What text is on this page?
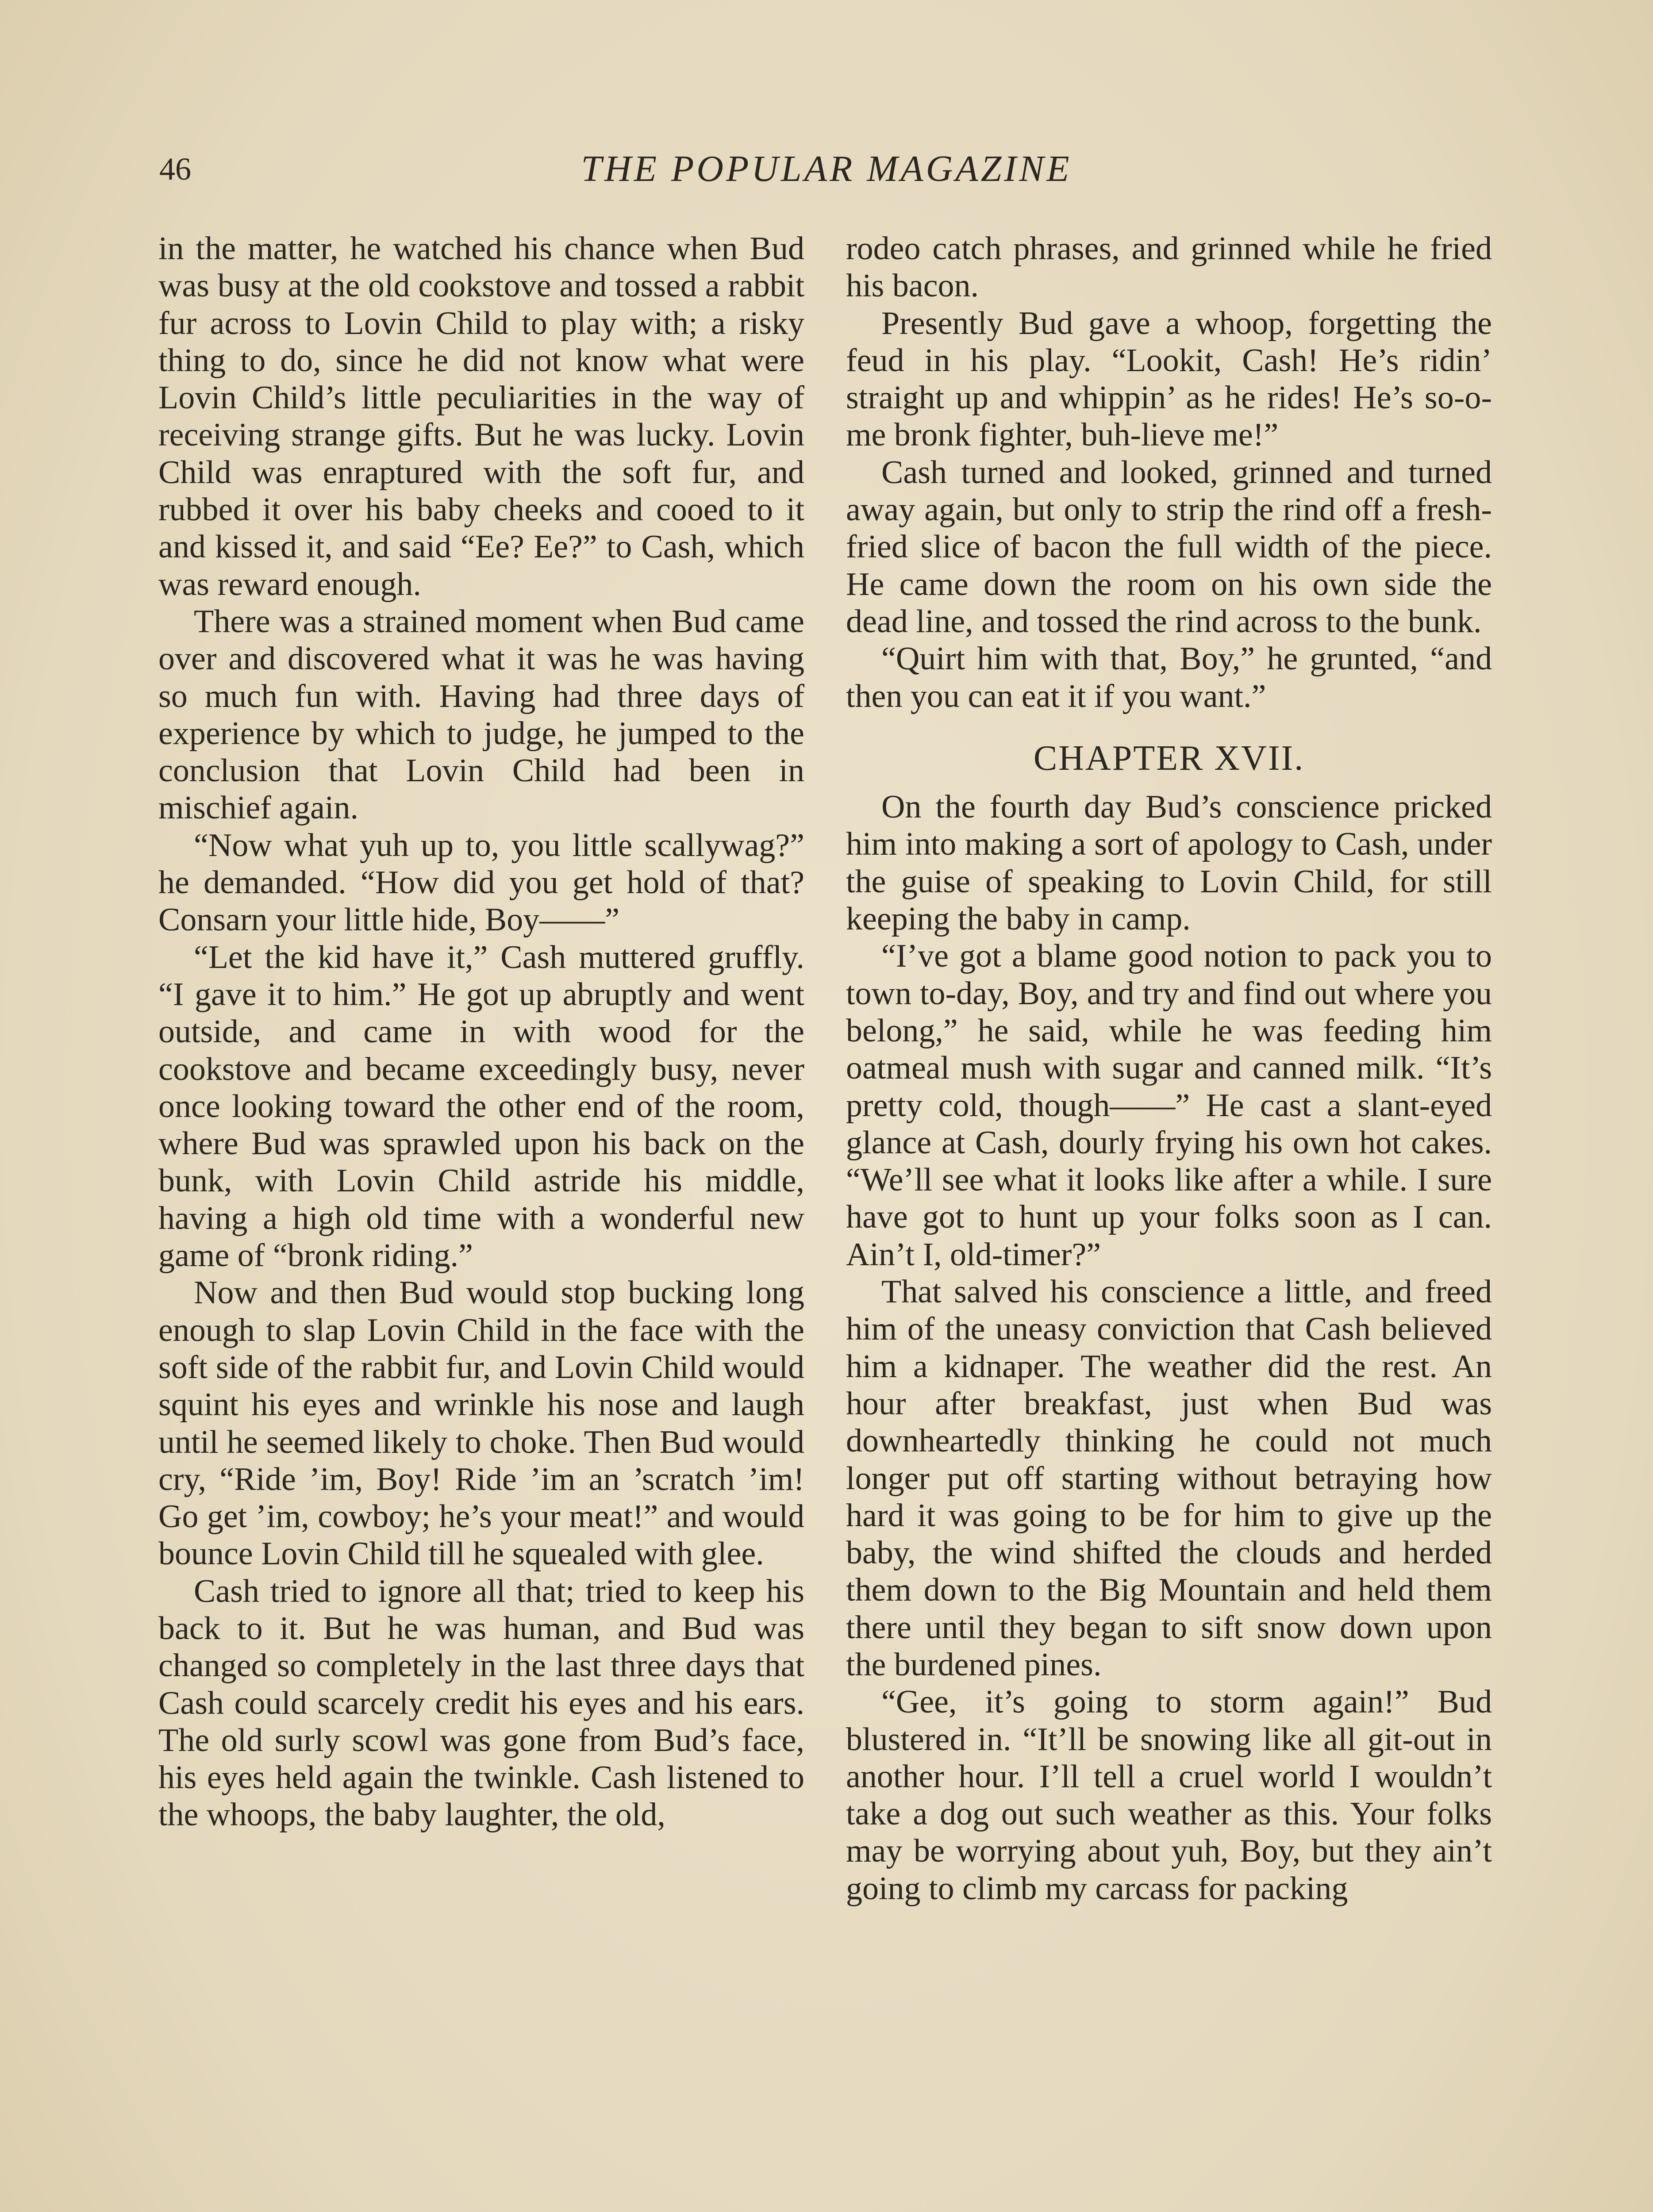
46	THE POPULAR MAGAZINE

in the matter, he watched his chance when Bud was busy at the old cookstove and tossed a rabbit fur across to Lovin Child to play with; a risky thing to do, since he did not know what were Lovin Child’s little peculiarities in the way of receiving strange gifts. But he was lucky. Lovin Child was enraptured with the soft fur, and rubbed it over his baby cheeks and cooed to it and kissed it, and said “Ee? Ee?” to Cash, which was reward enough.

There was a strained moment when Bud came over and discovered what it was he was having so much fun with. Having had three days of experience by which to judge, he jumped to the conclusion that Lovin Child had been in mischief again.

“Now what yuh up to, you little scallywag?” he demanded. “How did you get hold of that? Consarn your little hide, Boy——”

“Let the kid have it,” Cash muttered gruffly. “I gave it to him.” He got up abruptly and went outside, and came in with wood for the cookstove and became exceedingly busy, never once looking toward the other end of the room, where Bud was sprawled upon his back on the bunk, with Lovin Child astride his middle, having a high old time with a wonderful new game of “bronk riding.”

Now and then Bud would stop bucking long enough to slap Lovin Child in the face with the soft side of the rabbit fur, and Lovin Child would squint his eyes and wrinkle his nose and laugh until he seemed likely to choke. Then Bud would cry, “Ride ’im, Boy! Ride ’im an ’scratch ’im! Go get ’im, cowboy; he’s your meat!” and would bounce Lovin Child till he squealed with glee.

Cash tried to ignore all that; tried to keep his back to it. But he was human, and Bud was changed so completely in the last three days that Cash could scarcely credit his eyes and his ears. The old surly scowl was gone from Bud’s face, his eyes held again the twinkle. Cash listened to the whoops, the baby laughter, the old,

rodeo catch phrases, and grinned while he fried his bacon.

Presently Bud gave a whoop, forgetting the feud in his play. “Lookit, Cash! He’s ridin’ straight up and whippin’ as he rides! He’s so-o-me bronk fighter, buh-lieve me!”

Cash turned and looked, grinned and turned away again, but only to strip the rind off a fresh-fried slice of bacon the full width of the piece. He came down the room on his own side the dead line, and tossed the rind across to the bunk.

“Quirt him with that, Boy,” he grunted, “and then you can eat it if you want.”

CHAPTER XVII.

On the fourth day Bud’s conscience pricked him into making a sort of apology to Cash, under the guise of speaking to Lovin Child, for still keeping the baby in camp.

“I’ve got a blame good notion to pack you to town to-day, Boy, and try and find out where you belong,” he said, while he was feeding him oatmeal mush with sugar and canned milk. “It’s pretty cold, though——” He cast a slant-eyed glance at Cash, dourly frying his own hot cakes. “We’ll see what it looks like after a while. I sure have got to hunt up your folks soon as I can. Ain’t I, old-timer?”

That salved his conscience a little, and freed him of the uneasy conviction that Cash believed him a kidnaper. The weather did the rest. An hour after breakfast, just when Bud was downheartedly thinking he could not much longer put off starting without betraying how hard it was going to be for him to give up the baby, the wind shifted the clouds and herded them down to the Big Mountain and held them there until they began to sift snow down upon the burdened pines.

“Gee, it’s going to storm again!” Bud blustered in. “It’ll be snowing like all git-out in another hour. I’ll tell a cruel world I wouldn’t take a dog out such weather as this. Your folks may be worrying about yuh, Boy, but they ain’t going to climb my carcass for packing
